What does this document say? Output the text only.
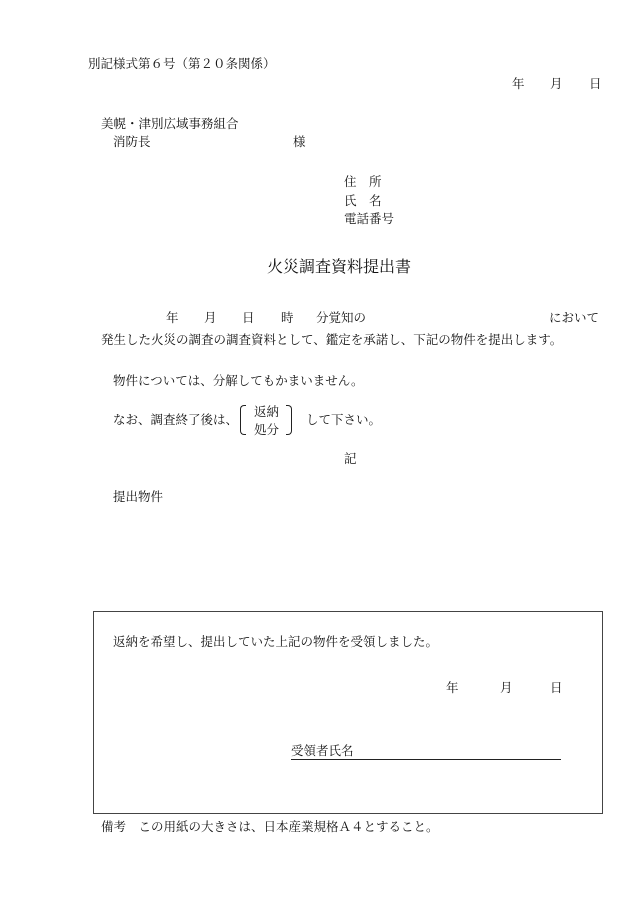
別記様式第６号（第２０条関係）
年 月 日
美幌・津別広域事務組合
消防長	様
住　所
氏　名
電話番号
火災調査資料提出書
年 月 日 時 分覚知の	において
発生した火災の調査の調査資料として、鑑定を承諾し、下記の物件を提出します。
物件については、分解してもかまいません。
なお、調査終了後は、
返納
処分
して下さい。
記
提出物件
返納を希望し、提出していた上記の物件を受領しました。
年	月	日
受領者氏名
備考　この用紙の大きさは、日本産業規格Ａ４とすること。
